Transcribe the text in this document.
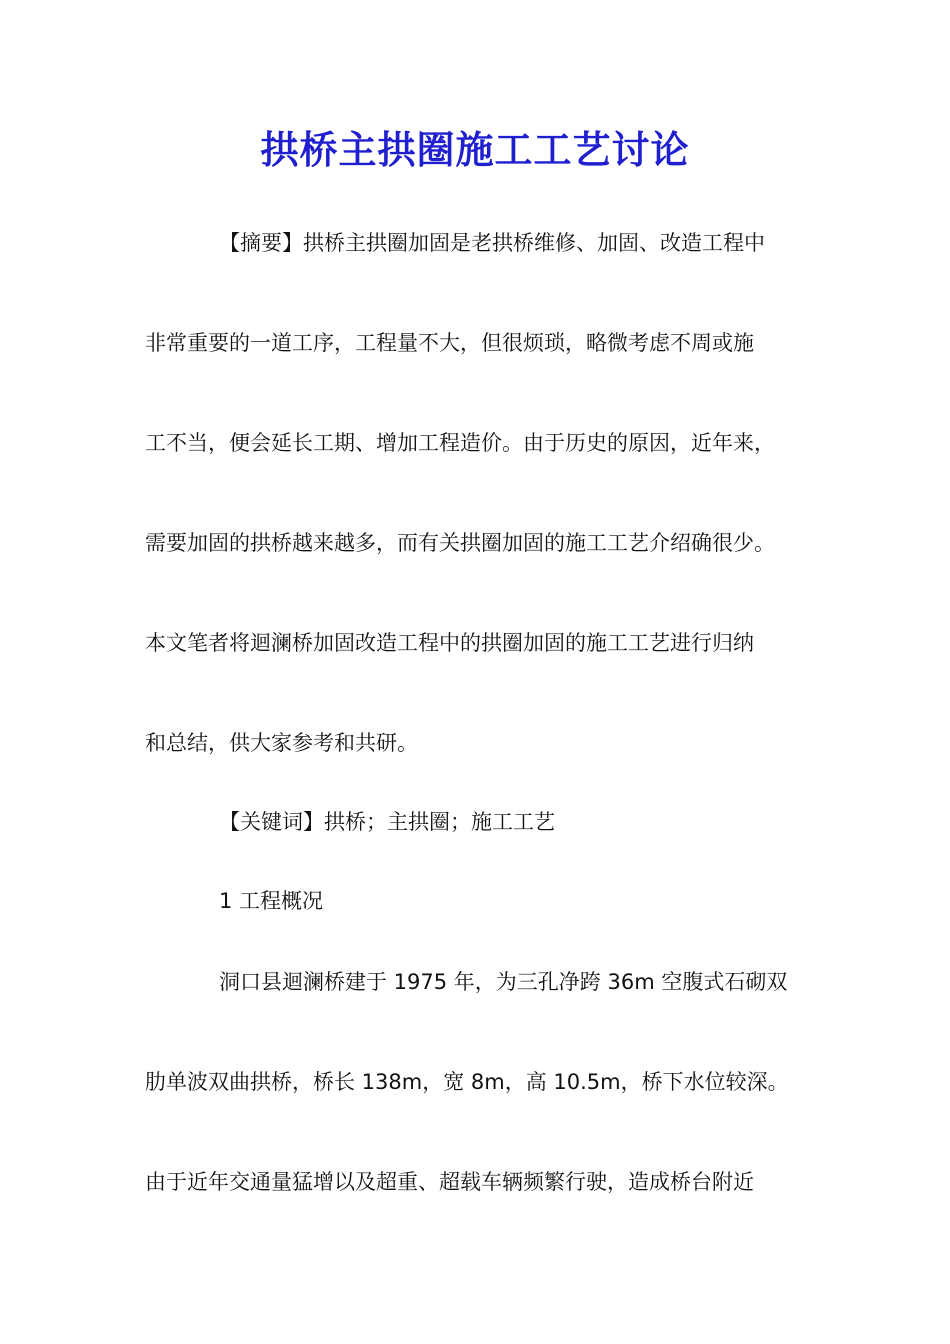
拱桥主拱圈施工工艺讨论
【摘要】拱桥主拱圈加固是老拱桥维修、加固、改造工程中
非常重要的一道工序，工程量不大，但很烦琐，略微考虑不周或施
工不当，便会延长工期、增加工程造价。由于历史的原因，近年来，
需要加固的拱桥越来越多，而有关拱圈加固的施工工艺介绍确很少。
本文笔者将迴澜桥加固改造工程中的拱圈加固的施工工艺进行归纳
和总结，供大家参考和共研。
【关键词】拱桥；主拱圈；施工工艺
1 工程概况
洞口县迴澜桥建于 1975 年，为三孔净跨 36m 空腹式石砌双
肋单波双曲拱桥，桥长 138m，宽 8m，高 10.5m，桥下水位较深。
由于近年交通量猛增以及超重、超载车辆频繁行驶，造成桥台附近
